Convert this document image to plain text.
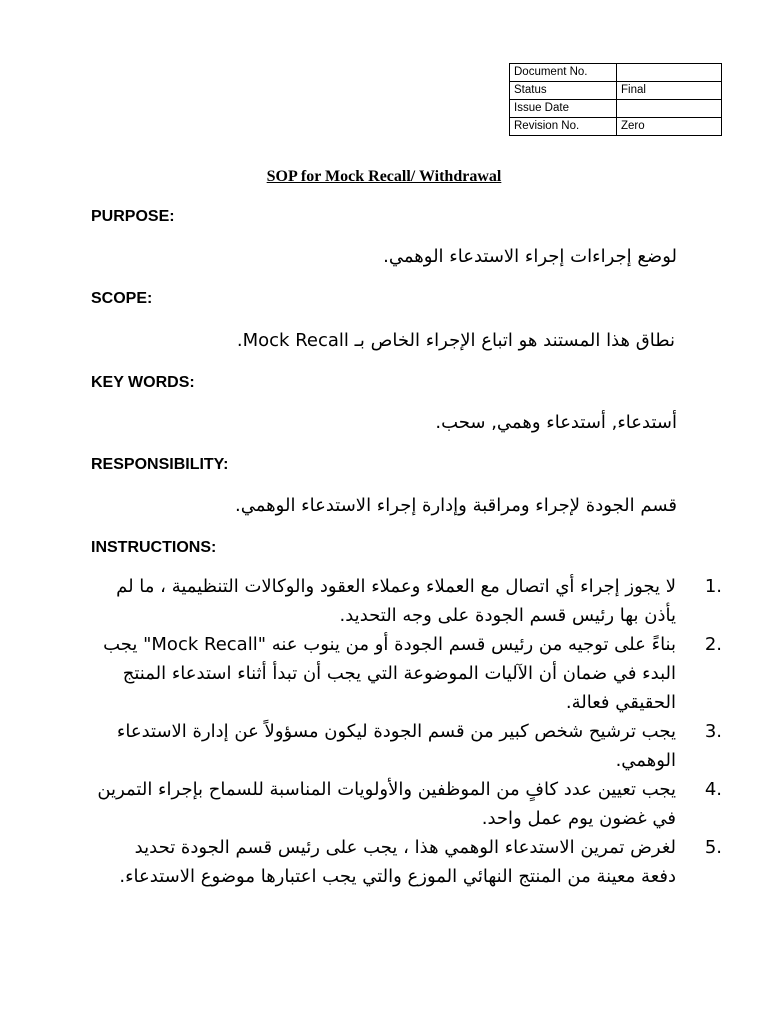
Document No.	
Status	Final
Issue Date	
Revision No.	Zero
SOP for Mock Recall/ Withdrawal
PURPOSE:
لوضع إجراءات إجراء الاستدعاء الوهمي.
SCOPE:
نطاق هذا المستند هو اتباع الإجراء الخاص بـ Mock Recall.
KEY WORDS:
أستدعاء, أستدعاء وهمي, سحب.
RESPONSIBILITY:
قسم الجودة لإجراء ومراقبة وإدارة إجراء الاستدعاء الوهمي.
INSTRUCTIONS:
1.
لا يجوز إجراء أي اتصال مع العملاء وعملاء العقود والوكالات التنظيمية ، ما لم يأذن بها رئيس قسم الجودة على وجه التحديد.
2.
بناءً على توجيه من رئيس قسم الجودة أو من ينوب عنه "Mock Recall" يجب البدء في ضمان أن الآليات الموضوعة التي يجب أن تبدأ أثناء استدعاء المنتج الحقيقي فعالة.
3.
يجب ترشيح شخص كبير من قسم الجودة ليكون مسؤولاً عن إدارة الاستدعاء الوهمي.
4.
يجب تعيين عدد كافٍ من الموظفين والأولويات المناسبة للسماح بإجراء التمرين في غضون يوم عمل واحد.
5.
لغرض تمرين الاستدعاء الوهمي هذا ، يجب على رئيس قسم الجودة تحديد دفعة معينة من المنتج النهائي الموزع والتي يجب اعتبارها موضوع الاستدعاء.
